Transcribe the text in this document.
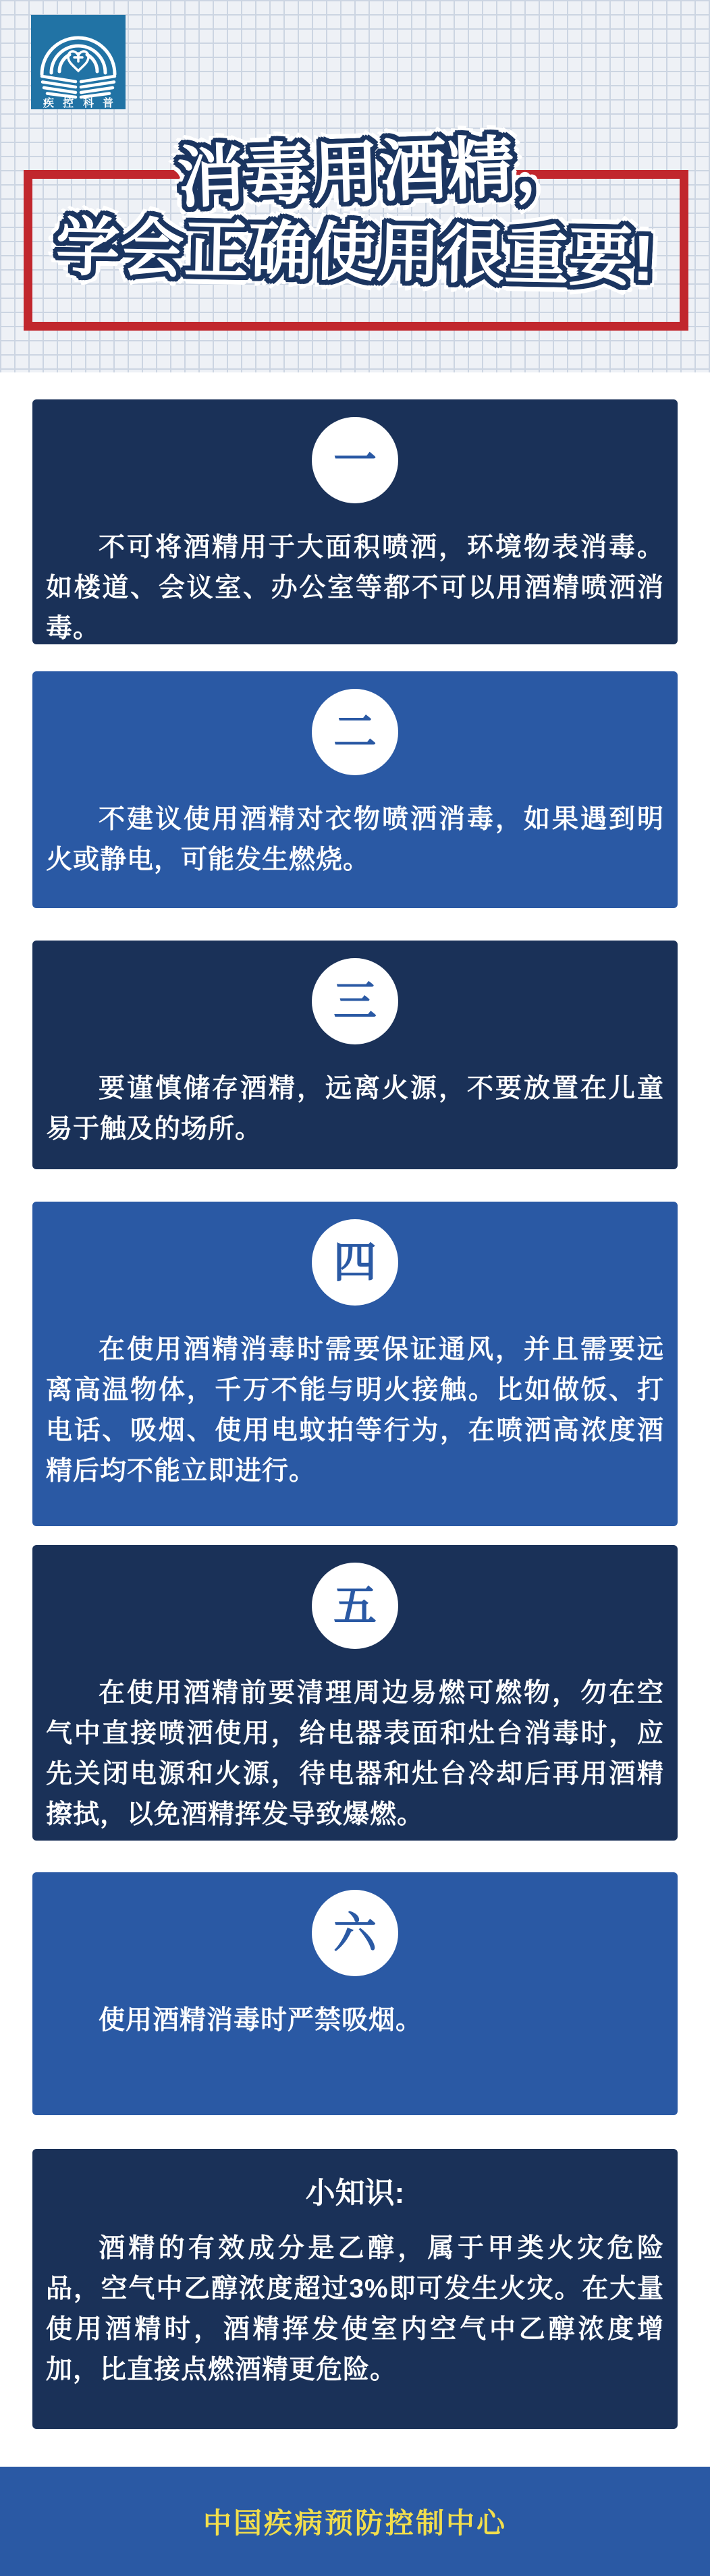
疾 控 科 普
消毒用酒精，
学会正确使用很重要!
一
不可将酒精用于大面积喷洒，环境物表消毒。如楼道、会议室、办公室等都不可以用酒精喷洒消毒。
二
不建议使用酒精对衣物喷洒消毒，如果遇到明火或静电，可能发生燃烧。
三
要谨慎储存酒精，远离火源，不要放置在儿童易于触及的场所。
四
在使用酒精消毒时需要保证通风，并且需要远离高温物体，千万不能与明火接触。比如做饭、打电话、吸烟、使用电蚊拍等行为，在喷洒高浓度酒精后均不能立即进行。
五
在使用酒精前要清理周边易燃可燃物，勿在空气中直接喷洒使用，给电器表面和灶台消毒时，应先关闭电源和火源，待电器和灶台冷却后再用酒精擦拭，以免酒精挥发导致爆燃。
六
使用酒精消毒时严禁吸烟。
小知识:
酒精的有效成分是乙醇，属于甲类火灾危险品，空气中乙醇浓度超过3%即可发生火灾。在大量使用酒精时，酒精挥发使室内空气中乙醇浓度增加，比直接点燃酒精更危险。
中国疾病预防控制中心
